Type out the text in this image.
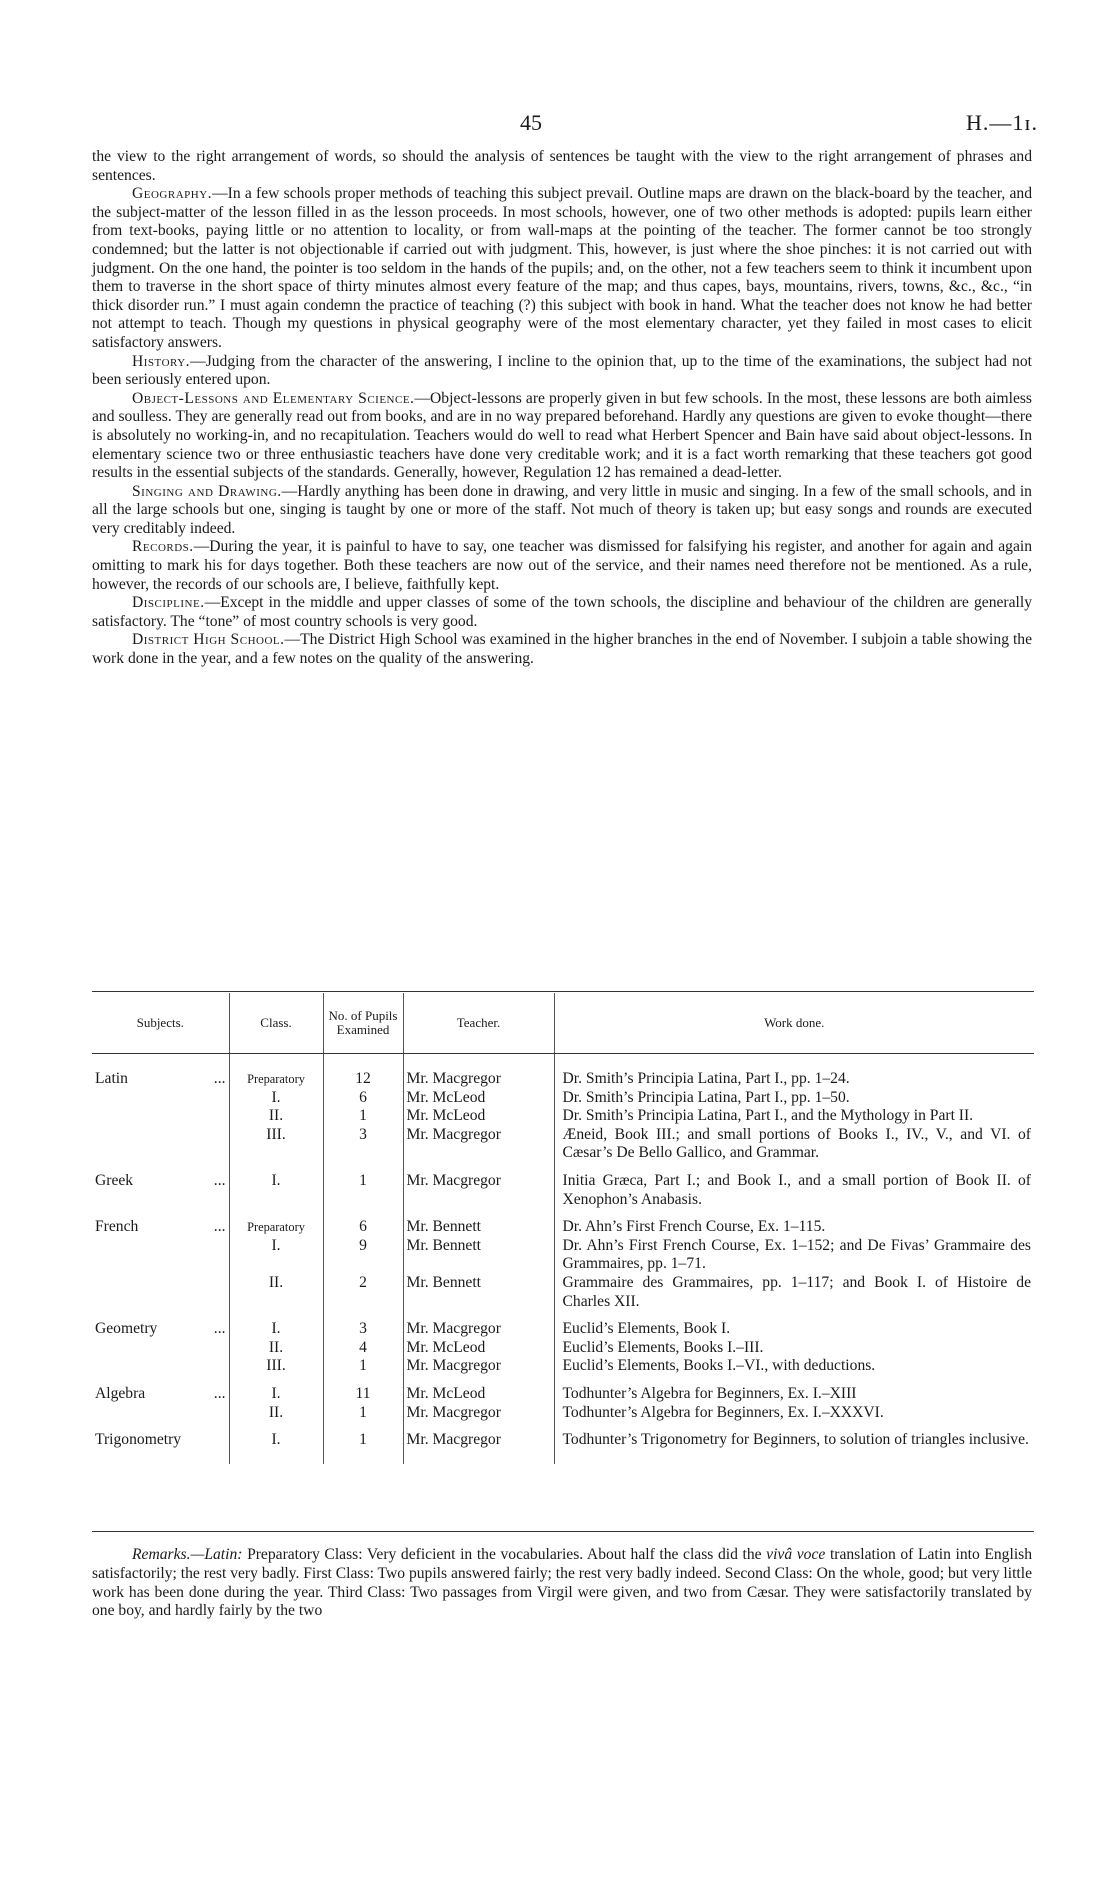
45	H.—1ɪ.

the view to the right arrangement of words, so should the analysis of sentences be taught with the view to the right arrangement of phrases and sentences.

Geography.—In a few schools proper methods of teaching this subject prevail. Outline maps are drawn on the black-board by the teacher, and the subject-matter of the lesson filled in as the lesson proceeds. In most schools, however, one of two other methods is adopted: pupils learn either from text-books, paying little or no attention to locality, or from wall-maps at the pointing of the teacher. The former cannot be too strongly condemned; but the latter is not objectionable if carried out with judgment. This, however, is just where the shoe pinches: it is not carried out with judgment. On the one hand, the pointer is too seldom in the hands of the pupils; and, on the other, not a few teachers seem to think it incumbent upon them to traverse in the short space of thirty minutes almost every feature of the map; and thus capes, bays, mountains, rivers, towns, &c., &c., “in thick disorder run.” I must again condemn the practice of teaching (?) this subject with book in hand. What the teacher does not know he had better not attempt to teach. Though my questions in physical geography were of the most elementary character, yet they failed in most cases to elicit satisfactory answers.

History.—Judging from the character of the answering, I incline to the opinion that, up to the time of the examinations, the subject had not been seriously entered upon.

Object-Lessons and Elementary Science.—Object-lessons are properly given in but few schools. In the most, these lessons are both aimless and soulless. They are generally read out from books, and are in no way prepared beforehand. Hardly any questions are given to evoke thought—there is absolutely no working-in, and no recapitulation. Teachers would do well to read what Herbert Spencer and Bain have said about object-lessons. In elementary science two or three enthusiastic teachers have done very creditable work; and it is a fact worth remarking that these teachers got good results in the essential subjects of the standards. Generally, however, Regulation 12 has remained a dead-letter.

Singing and Drawing.—Hardly anything has been done in drawing, and very little in music and singing. In a few of the small schools, and in all the large schools but one, singing is taught by one or more of the staff. Not much of theory is taken up; but easy songs and rounds are executed very creditably indeed.

Records.—During the year, it is painful to have to say, one teacher was dismissed for falsifying his register, and another for again and again omitting to mark his for days together. Both these teachers are now out of the service, and their names need therefore not be mentioned. As a rule, however, the records of our schools are, I believe, faithfully kept.

Discipline.—Except in the middle and upper classes of some of the town schools, the discipline and behaviour of the children are generally satisfactory. The “tone” of most country schools is very good.

District High School.—The District High School was examined in the higher branches in the end of November. I subjoin a table showing the work done in the year, and a few notes on the quality of the answering.

Subjects.	Class.	No. of Pupils Examined	Teacher.	Work done.
Latin ...	Preparatory	12	Mr. Macgregor	Dr. Smith’s Principia Latina, Part I., pp. 1–24.

	I.	6	Mr. McLeod	Dr. Smith’s Principia Latina, Part I., pp. 1–50.

	II.	1	Mr. McLeod	Dr. Smith’s Principia Latina, Part I., and the Mythology in Part II.

	III.	3	Mr. Macgregor	Æneid, Book III.; and small portions of Books I., IV., V., and VI. of Cæsar’s De Bello Gallico, and Grammar.
Greek ...	I.	1	Mr. Macgregor	Initia Græca, Part I.; and Book I., and a small portion of Book II. of Xenophon’s Anabasis.
French ...	Preparatory	6	Mr. Bennett	Dr. Ahn’s First French Course, Ex. 1–115.

	I.	9	Mr. Bennett	Dr. Ahn’s First French Course, Ex. 1–152; and De Fivas’ Grammaire des Grammaires, pp. 1–71.

	II.	2	Mr. Bennett	Grammaire des Grammaires, pp. 1–117; and Book I. of Histoire de Charles XII.
Geometry ...	I.	3	Mr. Macgregor	Euclid’s Elements, Book I.

	II.	4	Mr. McLeod	Euclid’s Elements, Books I.–III.

	III.	1	Mr. Macgregor	Euclid’s Elements, Books I.–VI., with deductions.
Algebra ...	I.	11	Mr. McLeod	Todhunter’s Algebra for Beginners, Ex. I.–XIII

	II.	1	Mr. Macgregor	Todhunter’s Algebra for Beginners, Ex. I.–XXXVI.
Trigonometry	I.	1	Mr. Macgregor	Todhunter’s Trigonometry for Beginners, to solution of triangles inclusive.

Remarks.—Latin: Preparatory Class: Very deficient in the vocabularies. About half the class did the vivâ voce translation of Latin into English satisfactorily; the rest very badly. First Class: Two pupils answered fairly; the rest very badly indeed. Second Class: On the whole, good; but very little work has been done during the year. Third Class: Two passages from Virgil were given, and two from Cæsar. They were satisfactorily translated by one boy, and hardly fairly by the two
